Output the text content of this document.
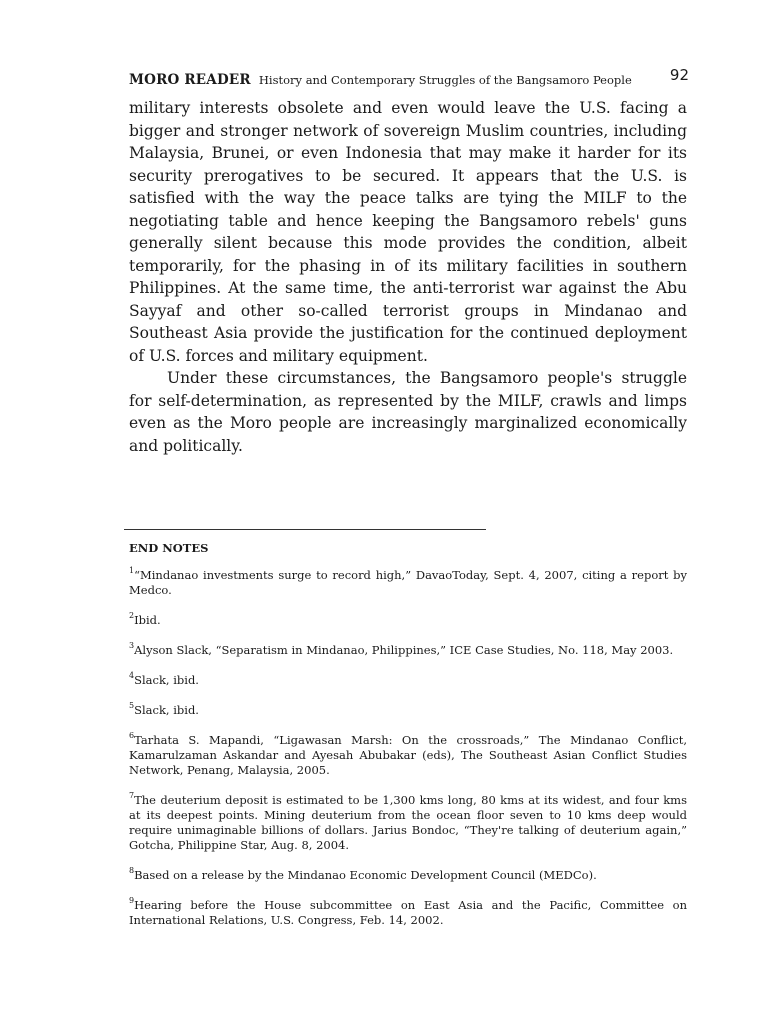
MORO READER History and Contemporary Struggles of the Bangsamoro People	92

military interests obsolete and even would leave the U.S. facing a bigger and stronger network of sovereign Muslim countries, including Malaysia, Brunei, or even Indonesia that may make it harder for its security prerogatives to be secured. It appears that the U.S. is satisfied with the way the peace talks are tying the MILF to the negotiating table and hence keeping the Bangsamoro rebels' guns generally silent because this mode provides the condition, albeit temporarily, for the phasing in of its military facilities in southern Philippines. At the same time, the anti-terrorist war against the Abu Sayyaf and other so-called terrorist groups in Mindanao and Southeast Asia provide the justification for the continued deployment of U.S. forces and military equipment.

Under these circumstances, the Bangsamoro people's struggle for self-determination, as represented by the MILF, crawls and limps even as the Moro people are increasingly marginalized economically and politically.

END NOTES
$^1$“Mindanao investments surge to record high,” DavaoToday, Sept. 4, 2007, citing a report by Medco.
$^2$Ibid.
$^3$Alyson Slack, “Separatism in Mindanao, Philippines,” ICE Case Studies, No. 118, May 2003.
$^4$Slack, ibid.
$^5$Slack, ibid.
$^6$Tarhata S. Mapandi, “Ligawasan Marsh: On the crossroads,” The Mindanao Conflict, Kamarulzaman Askandar and Ayesah Abubakar (eds), The Southeast Asian Conflict Studies Network, Penang, Malaysia, 2005.
$^7$The deuterium deposit is estimated to be 1,300 kms long, 80 kms at its widest, and four kms at its deepest points. Mining deuterium from the ocean floor seven to 10 kms deep would require unimaginable billions of dollars. Jarius Bondoc, “They're talking of deuterium again,” Gotcha, Philippine Star, Aug. 8, 2004.
$^8$Based on a release by the Mindanao Economic Development Council (MEDCo).
$^9$Hearing before the House subcommittee on East Asia and the Pacific, Committee on International Relations, U.S. Congress, Feb. 14, 2002.
